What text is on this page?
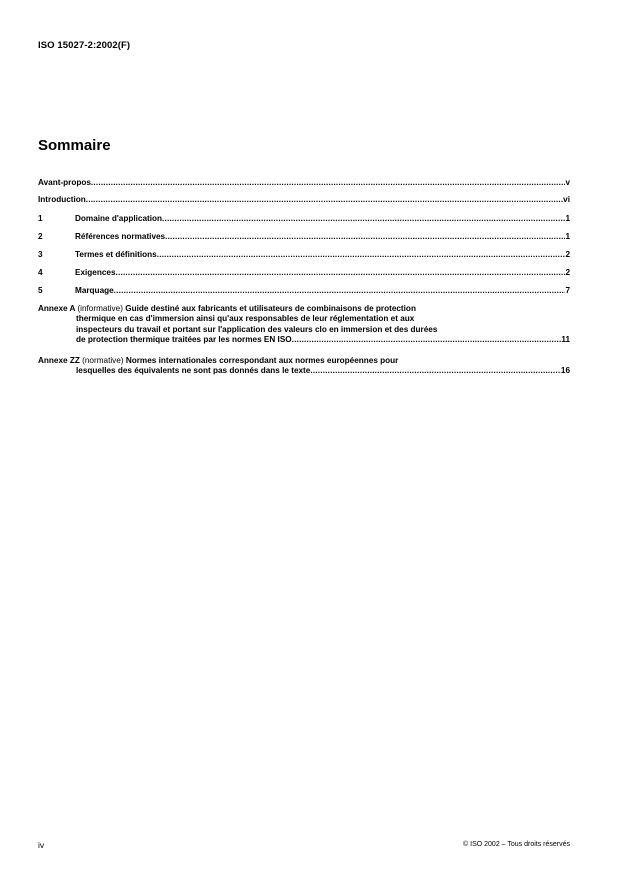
ISO 15027-2:2002(F)
Sommaire
Avant-propos .....	v
Introduction .....	vi
1	Domaine d'application .....	1
2	Références normatives .....	1
3	Termes et définitions .....	2
4	Exigences .....	2
5	Marquage .....	7
Annexe A (informative) Guide destiné aux fabricants et utilisateurs de combinaisons de protection
thermique en cas d'immersion ainsi qu'aux responsables de leur réglementation et aux
inspecteurs du travail et portant sur l'application des valeurs clo en immersion et des durées
de protection thermique traitées par les normes EN ISO .....	11
Annexe ZZ (normative) Normes internationales correspondant aux normes européennes pour
lesquelles des équivalents ne sont pas donnés dans le texte .....	16
iv	© ISO 2002 – Tous droits réservés
